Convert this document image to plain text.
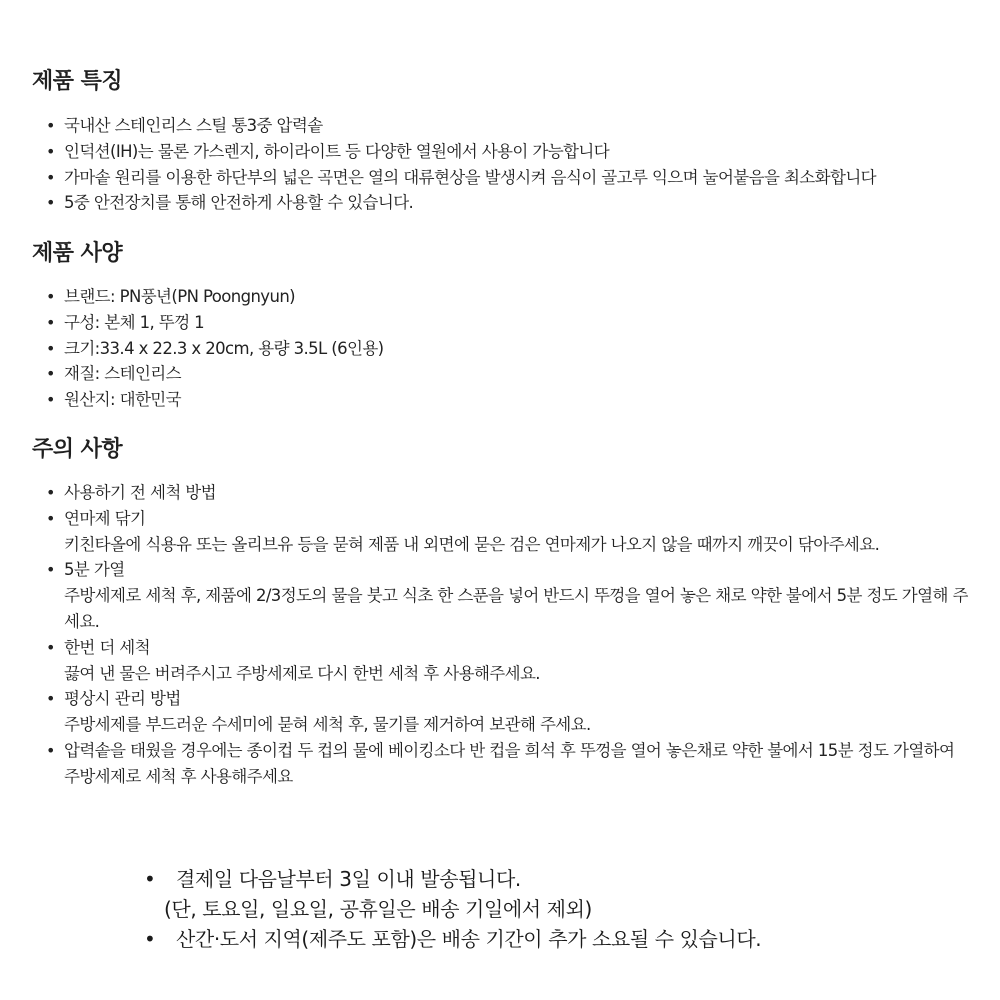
제품 특징
• 국내산 스테인리스 스틸 통3중 압력솥
• 인덕션(IH)는 물론 가스렌지, 하이라이트 등 다양한 열원에서 사용이 가능합니다
• 가마솥 원리를 이용한 하단부의 넓은 곡면은 열의 대류현상을 발생시켜 음식이 골고루 익으며 눌어붙음을 최소화합니다
• 5중 안전장치를 통해 안전하게 사용할 수 있습니다.
제품 사양
• 브랜드: PN풍년(PN Poongnyun)
• 구성: 본체 1, 뚜껑 1
• 크기:33.4 x 22.3 x 20cm, 용량 3.5L (6인용)
• 재질: 스테인리스
• 원산지: 대한민국
주의 사항
• 사용하기 전 세척 방법
• 연마제 닦기
키친타올에 식용유 또는 올리브유 등을 묻혀 제품 내 외면에 묻은 검은 연마제가 나오지 않을 때까지 깨끗이 닦아주세요.
• 5분 가열
주방세제로 세척 후, 제품에 2/3정도의 물을 붓고 식초 한 스푼을 넣어 반드시 뚜껑을 열어 놓은 채로 약한 불에서 5분 정도 가열해 주세요.
• 한번 더 세척
끓여 낸 물은 버려주시고 주방세제로 다시 한번 세척 후 사용해주세요.
• 평상시 관리 방법
주방세제를 부드러운 수세미에 묻혀 세척 후, 물기를 제거하여 보관해 주세요.
• 압력솥을 태웠을 경우에는 종이컵 두 컵의 물에 베이킹소다 반 컵을 희석 후 뚜껑을 열어 놓은채로 약한 불에서 15분 정도 가열하여 주방세제로 세척 후 사용해주세요
• 결제일 다음날부터 3일 이내 발송됩니다.
(단, 토요일, 일요일, 공휴일은 배송 기일에서 제외)
• 산간·도서 지역(제주도 포함)은 배송 기간이 추가 소요될 수 있습니다.
